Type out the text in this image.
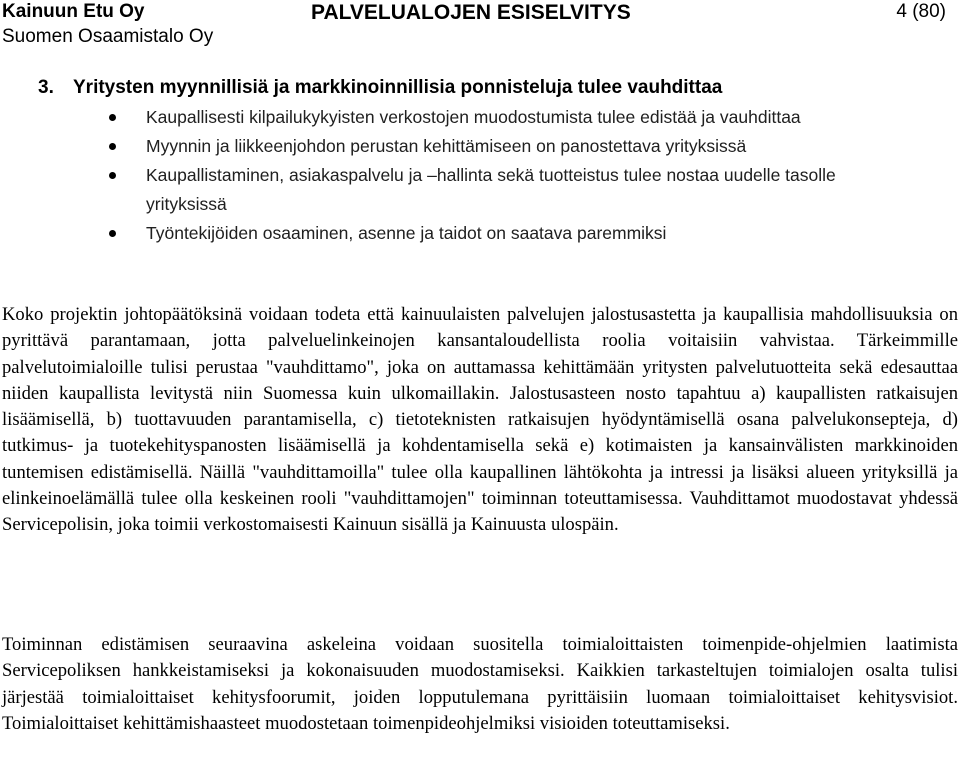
Kainuun Etu Oy
Suomen Osaamistalo Oy
PALVELUALOJEN ESISELVITYS	4 (80)
3. Yritysten myynnillisiä ja markkinoinnillisia ponnisteluja tulee vauhdittaa
Kaupallisesti kilpailukykyisten verkostojen muodostumista tulee edistää ja vauhdittaa
Myynnin ja liikkeenjohdon perustan kehittämiseen on panostettava yrityksissä
Kaupallistaminen, asiakaspalvelu ja –hallinta sekä tuotteistus tulee nostaa uudelle tasolle yrityksissä
Työntekijöiden osaaminen, asenne ja taidot on saatava paremmiksi

Koko projektin johtopäätöksinä voidaan todeta että kainuulaisten palvelujen jalostusastetta ja kaupallisia mahdollisuuksia on pyrittävä parantamaan, jotta palveluelinkeinojen kansantaloudellista roolia voitaisiin vahvistaa. Tärkeimmille palvelutoimialoille tulisi perustaa "vauhdittamo", joka on auttamassa kehittämään yritysten palvelutuotteita sekä edesauttaa niiden kaupallista levitystä niin Suomessa kuin ulkomaillakin. Jalostusasteen nosto tapahtuu a) kaupallisten ratkaisujen lisäämisellä, b) tuottavuuden parantamisella, c) tietoteknisten ratkaisujen hyödyntämisellä osana palvelukonsepteja, d) tutkimus- ja tuotekehityspanosten lisäämisellä ja kohdentamisella sekä e) kotimaisten ja kansainvälisten markkinoiden tuntemisen edistämisellä. Näillä "vauhdittamoilla" tulee olla kaupallinen lähtökohta ja intressi ja lisäksi alueen yrityksillä ja elinkeinoelämällä tulee olla keskeinen rooli "vauhdittamojen" toiminnan toteuttamisessa. Vauhdittamot muodostavat yhdessä Servicepolisin, joka toimii verkostomaisesti Kainuun sisällä ja Kainuusta ulospäin.

Toiminnan edistämisen seuraavina askeleina voidaan suositella toimialoittaisten toimenpide-ohjelmien laatimista Servicepoliksen hankkeistamiseksi ja kokonaisuuden muodostamiseksi. Kaikkien tarkasteltujen toimialojen osalta tulisi järjestää toimialoittaiset kehitysfoorumit, joiden lopputulemana pyrittäisiin luomaan toimialoittaiset kehitysvisiot. Toimialoittaiset kehittämishaasteet muodostetaan toimenpideohjelmiksi visioiden toteuttamiseksi.
